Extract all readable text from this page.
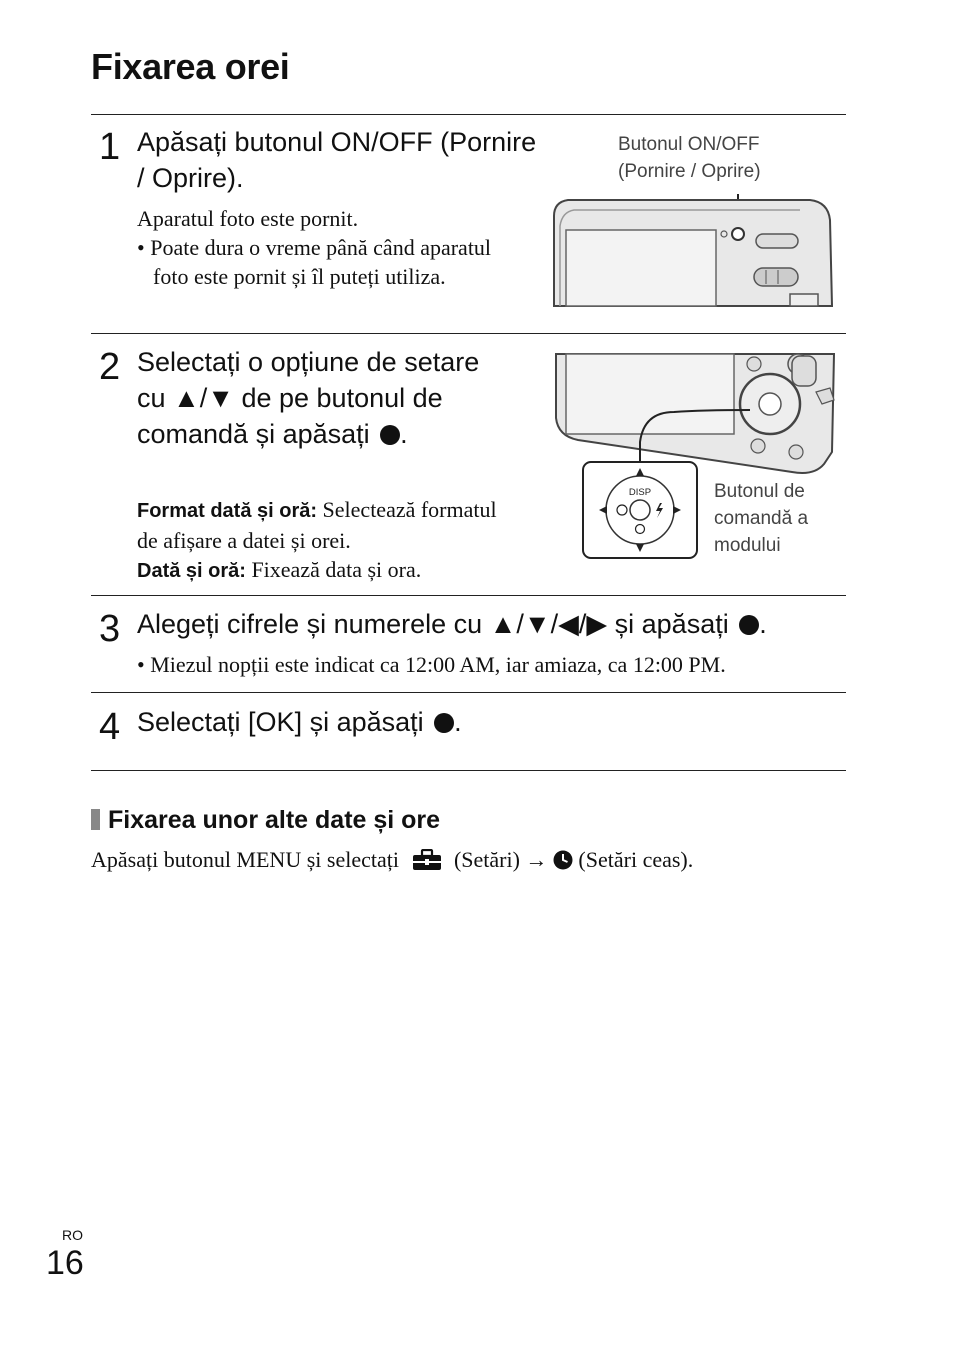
Fixarea orei
1 Apăsați butonul ON/OFF (Pornire / Oprire).
Aparatul foto este pornit.
• Poate dura o vreme până când aparatul foto este pornit și îl puteți utiliza.
Butonul ON/OFF (Pornire / Oprire)
2 Selectați o opțiune de setare cu ▲/▼ de pe butonul de comandă și apăsați .
Format dată și oră: Selectează formatul de afișare a datei și orei.
Dată și oră: Fixează data și ora.
DISP	Butonul de comandă a modului
3 Alegeți cifrele și numerele cu ▲/▼/◀/▶ și apăsați .
• Miezul nopții este indicat ca 12:00 AM, iar amiaza, ca 12:00 PM.
4 Selectați [OK] și apăsați .
Fixarea unor alte date și ore
Apăsați butonul MENU și selectați	(Setări) → (Setări ceas).
RO
16
